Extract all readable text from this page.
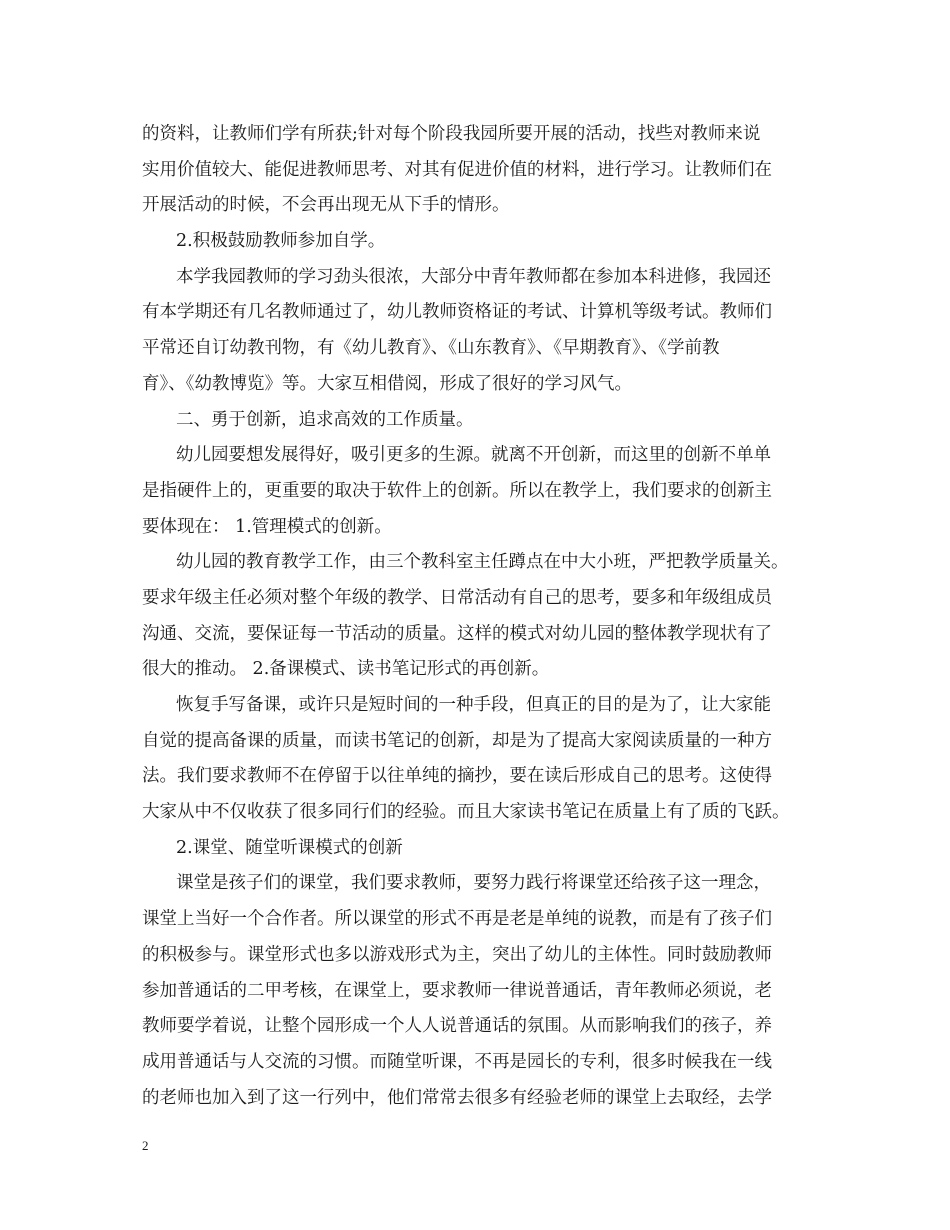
的资料，让教师们学有所获;针对每个阶段我园所要开展的活动，找些对教师来说
实用价值较大、能促进教师思考、对其有促进价值的材料，进行学习。让教师们在
开展活动的时候，不会再出现无从下手的情形。
2.积极鼓励教师参加自学。
本学我园教师的学习劲头很浓，大部分中青年教师都在参加本科进修，我园还
有本学期还有几名教师通过了，幼儿教师资格证的考试、计算机等级考试。教师们
平常还自订幼教刊物，有《幼儿教育》、《山东教育》、《早期教育》、《学前教
育》、《幼教博览》等。大家互相借阅，形成了很好的学习风气。
二、勇于创新，追求高效的工作质量。
幼儿园要想发展得好，吸引更多的生源。就离不开创新，而这里的创新不单单
是指硬件上的，更重要的取决于软件上的创新。所以在教学上，我们要求的创新主
要体现在： 1.管理模式的创新。
幼儿园的教育教学工作，由三个教科室主任蹲点在中大小班，严把教学质量关。
要求年级主任必须对整个年级的教学、日常活动有自己的思考，要多和年级组成员
沟通、交流，要保证每一节活动的质量。这样的模式对幼儿园的整体教学现状有了
很大的推动。 2.备课模式、读书笔记形式的再创新。
恢复手写备课，或许只是短时间的一种手段，但真正的目的是为了，让大家能
自觉的提高备课的质量，而读书笔记的创新，却是为了提高大家阅读质量的一种方
法。我们要求教师不在停留于以往单纯的摘抄，要在读后形成自己的思考。这使得
大家从中不仅收获了很多同行们的经验。而且大家读书笔记在质量上有了质的飞跃。
2.课堂、随堂听课模式的创新
课堂是孩子们的课堂，我们要求教师，要努力践行将课堂还给孩子这一理念，
课堂上当好一个合作者。所以课堂的形式不再是老是单纯的说教，而是有了孩子们
的积极参与。课堂形式也多以游戏形式为主，突出了幼儿的主体性。同时鼓励教师
参加普通话的二甲考核，在课堂上，要求教师一律说普通话，青年教师必须说，老
教师要学着说，让整个园形成一个人人说普通话的氛围。从而影响我们的孩子，养
成用普通话与人交流的习惯。而随堂听课，不再是园长的专利，很多时候我在一线
的老师也加入到了这一行列中，他们常常去很多有经验老师的课堂上去取经，去学
2
